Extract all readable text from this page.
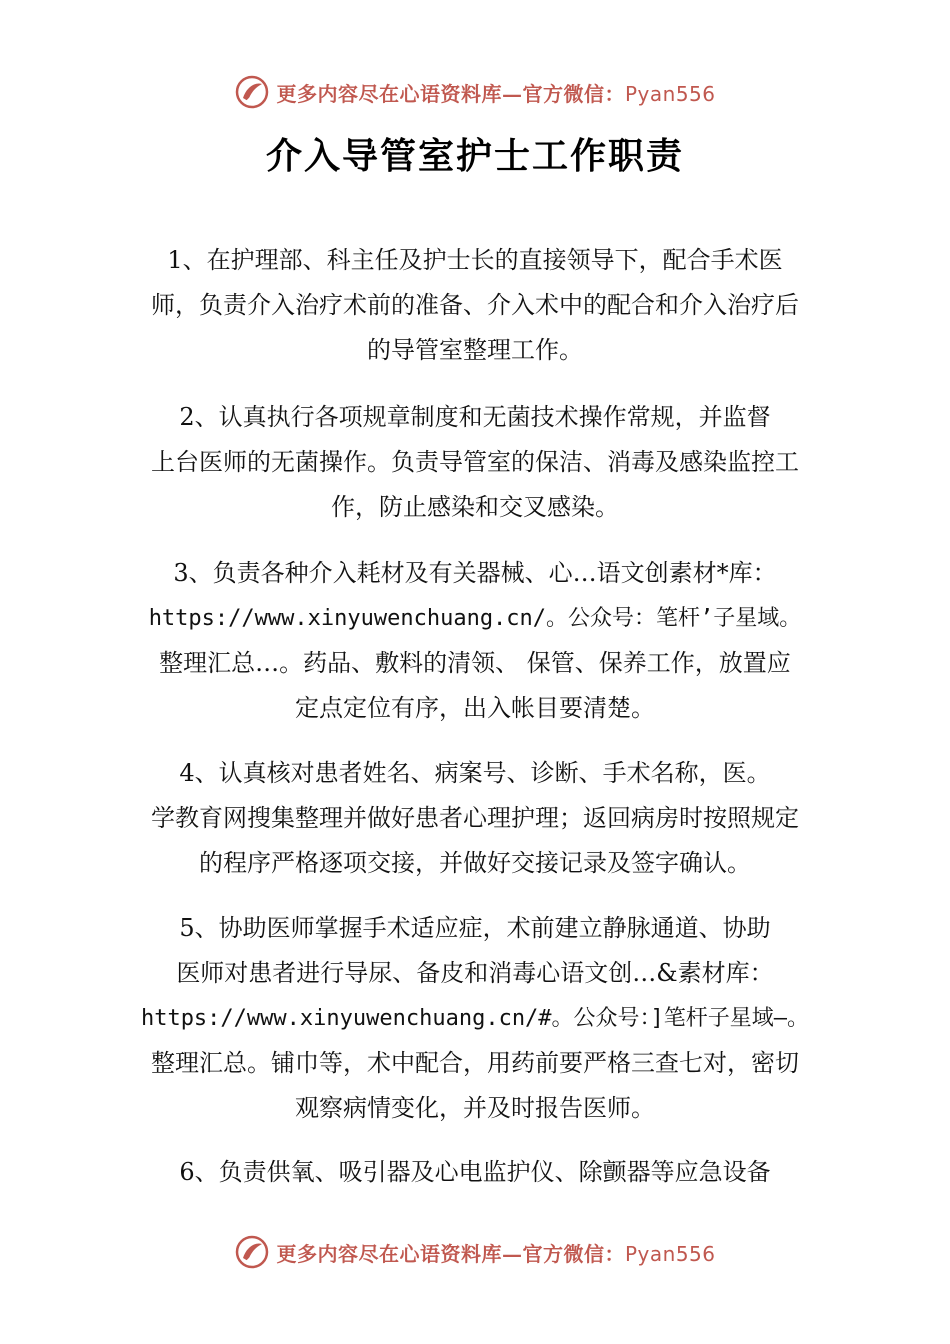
更多内容尽在心语资料库—官方微信：Pyan556
介入导管室护士工作职责
1、在护理部、科主任及护士长的直接领导下，配合手术医
师，负责介入治疗术前的准备、介入术中的配合和介入治疗后
的导管室整理工作。
2、认真执行各项规章制度和无菌技术操作常规，并监督
上台医师的无菌操作。负责导管室的保洁、消毒及感染监控工
作，防止感染和交叉感染。
3、负责各种介入耗材及有关器械、心…语文创素材*库：
https://www.xinyuwenchuang.cn/。公众号：笔杆’子星域。
整理汇总…。药品、敷料的清领、 保管、保养工作，放置应
定点定位有序，出入帐目要清楚。
4、认真核对患者姓名、病案号、诊断、手术名称，医。
学教育网搜集整理并做好患者心理护理；返回病房时按照规定
的程序严格逐项交接，并做好交接记录及签字确认。
5、协助医师掌握手术适应症，术前建立静脉通道、协助
医师对患者进行导尿、备皮和消毒心语文创…&素材库：
https://www.xinyuwenchuang.cn/#。公众号：]笔杆子星域—。
整理汇总。铺巾等，术中配合，用药前要严格三查七对，密切
观察病情变化，并及时报告医师。
6、负责供氧、吸引器及心电监护仪、除颤器等应急设备
更多内容尽在心语资料库—官方微信：Pyan556
